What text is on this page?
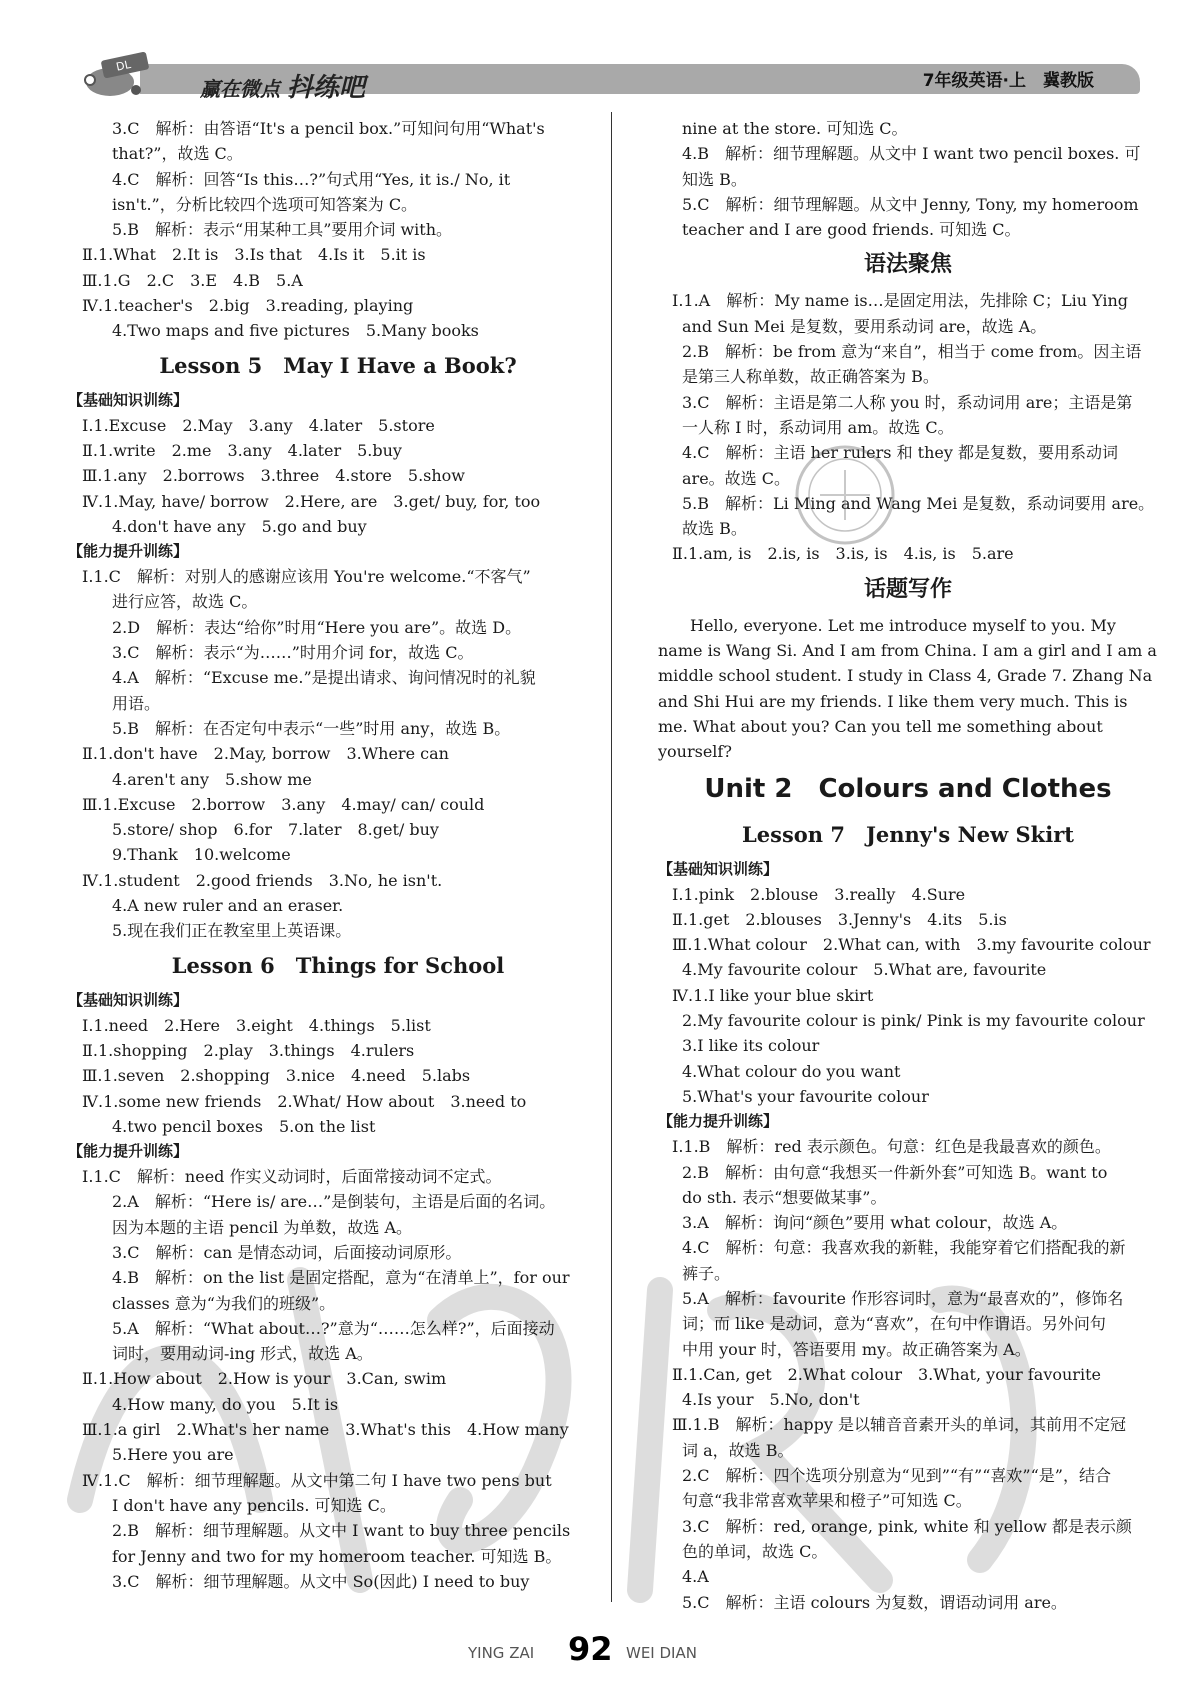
DL
赢在微点 抖练吧	7年级英语·上　冀教版
3.C　解析：由答语“It's a pencil box.”可知问句用“What's
that?”，故选 C。
4.C　解析：回答“Is this…?”句式用“Yes, it is./ No, it
isn't.”，分析比较四个选项可知答案为 C。
5.B　解析：表示“用某种工具”要用介词 with。
Ⅱ.1.What　2.It is　3.Is that　4.Is it　5.it is
Ⅲ.1.G　2.C　3.E　4.B　5.A
Ⅳ.1.teacher's　2.big　3.reading, playing
4.Two maps and five pictures　5.Many books
Lesson 5　May I Have a Book?
【基础知识训练】
Ⅰ.1.Excuse　2.May　3.any　4.later　5.store
Ⅱ.1.write　2.me　3.any　4.later　5.buy
Ⅲ.1.any　2.borrows　3.three　4.store　5.show
Ⅳ.1.May, have/ borrow　2.Here, are　3.get/ buy, for, too
4.don't have any　5.go and buy
【能力提升训练】
Ⅰ.1.C　解析：对别人的感谢应该用 You're welcome.“不客气”
进行应答，故选 C。
2.D　解析：表达“给你”时用“Here you are”。故选 D。
3.C　解析：表示“为……”时用介词 for，故选 C。
4.A　解析：“Excuse me.”是提出请求、询问情况时的礼貌
用语。
5.B　解析：在否定句中表示“一些”时用 any，故选 B。
Ⅱ.1.don't have　2.May, borrow　3.Where can
4.aren't any　5.show me
Ⅲ.1.Excuse　2.borrow　3.any　4.may/ can/ could
5.store/ shop　6.for　7.later　8.get/ buy
9.Thank　10.welcome
Ⅳ.1.student　2.good friends　3.No, he isn't.
4.A new ruler and an eraser.
5.现在我们正在教室里上英语课。
Lesson 6　Things for School
【基础知识训练】
Ⅰ.1.need　2.Here　3.eight　4.things　5.list
Ⅱ.1.shopping　2.play　3.things　4.rulers
Ⅲ.1.seven　2.shopping　3.nice　4.need　5.labs
Ⅳ.1.some new friends　2.What/ How about　3.need to
4.two pencil boxes　5.on the list
【能力提升训练】
Ⅰ.1.C　解析：need 作实义动词时，后面常接动词不定式。
2.A　解析：“Here is/ are…”是倒装句，主语是后面的名词。
因为本题的主语 pencil 为单数，故选 A。
3.C　解析：can 是情态动词，后面接动词原形。
4.B　解析：on the list 是固定搭配，意为“在清单上”，for our
classes 意为“为我们的班级”。
5.A　解析：“What about…?”意为“……怎么样?”，后面接动
词时，要用动词-ing 形式，故选 A。
Ⅱ.1.How about　2.How is your　3.Can, swim
4.How many, do you　5.It is
Ⅲ.1.a girl　2.What's her name　3.What's this　4.How many
5.Here you are
Ⅳ.1.C　解析：细节理解题。从文中第二句 I have two pens but
I don't have any pencils. 可知选 C。
2.B　解析：细节理解题。从文中 I want to buy three pencils
for Jenny and two for my homeroom teacher. 可知选 B。
3.C　解析：细节理解题。从文中 So(因此) I need to buy
nine at the store. 可知选 C。
4.B　解析：细节理解题。从文中 I want two pencil boxes. 可
知选 B。
5.C　解析：细节理解题。从文中 Jenny, Tony, my homeroom
teacher and I are good friends. 可知选 C。
语法聚焦
Ⅰ.1.A　解析：My name is…是固定用法，先排除 C；Liu Ying
and Sun Mei 是复数，要用系动词 are，故选 A。
2.B　解析：be from 意为“来自”，相当于 come from。因主语
是第三人称单数，故正确答案为 B。
3.C　解析：主语是第二人称 you 时，系动词用 are；主语是第
一人称 I 时，系动词用 am。故选 C。
4.C　解析：主语 her rulers 和 they 都是复数，要用系动词
are。故选 C。
5.B　解析：Li Ming and Wang Mei 是复数，系动词要用 are。
故选 B。
Ⅱ.1.am, is　2.is, is　3.is, is　4.is, is　5.are
话题写作
Hello, everyone. Let me introduce myself to you. My name is Wang Si. And I am from China. I am a girl and I am a middle school student. I study in Class 4, Grade 7. Zhang Na and Shi Hui are my friends. I like them very much. This is me. What about you? Can you tell me something about yourself?
Unit 2　Colours and Clothes
Lesson 7　Jenny's New Skirt
【基础知识训练】
Ⅰ.1.pink　2.blouse　3.really　4.Sure
Ⅱ.1.get　2.blouses　3.Jenny's　4.its　5.is
Ⅲ.1.What colour　2.What can, with　3.my favourite colour
4.My favourite colour　5.What are, favourite
Ⅳ.1.I like your blue skirt
2.My favourite colour is pink/ Pink is my favourite colour
3.I like its colour
4.What colour do you want
5.What's your favourite colour
【能力提升训练】
Ⅰ.1.B　解析：red 表示颜色。句意：红色是我最喜欢的颜色。
2.B　解析：由句意“我想买一件新外套”可知选 B。want to
do sth. 表示“想要做某事”。
3.A　解析：询问“颜色”要用 what colour，故选 A。
4.C　解析：句意：我喜欢我的新鞋，我能穿着它们搭配我的新
裤子。
5.A　解析：favourite 作形容词时，意为“最喜欢的”，修饰名
词；而 like 是动词，意为“喜欢”，在句中作谓语。另外问句
中用 your 时，答语要用 my。故正确答案为 A。
Ⅱ.1.Can, get　2.What colour　3.What, your favourite
4.Is your　5.No, don't
Ⅲ.1.B　解析：happy 是以辅音音素开头的单词，其前用不定冠
词 a，故选 B。
2.C　解析：四个选项分别意为“见到”“有”“喜欢”“是”，结合
句意“我非常喜欢苹果和橙子”可知选 C。
3.C　解析：red, orange, pink, white 和 yellow 都是表示颜
色的单词，故选 C。
4.A
5.C　解析：主语 colours 为复数，谓语动词用 are。
YING ZAI 92 WEI DIAN
